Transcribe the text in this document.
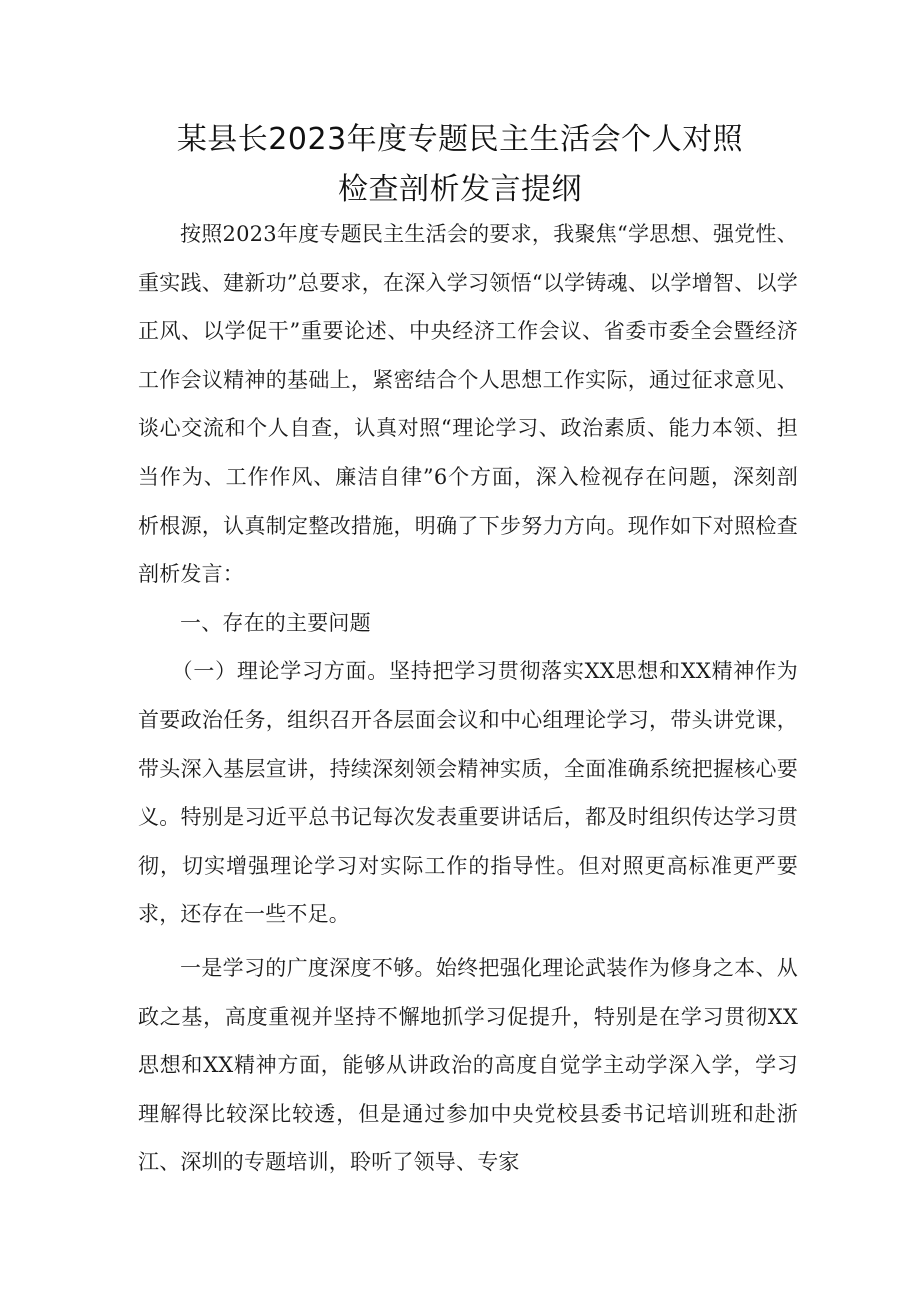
某县长2023年度专题民主生活会个人对照
检查剖析发言提纲

按照2023年度专题民主生活会的要求，我聚焦“学思想、强党性、重实践、建新功”总要求，在深入学习领悟“以学铸魂、以学增智、以学正风、以学促干”重要论述、中央经济工作会议、省委市委全会暨经济工作会议精神的基础上，紧密结合个人思想工作实际，通过征求意见、谈心交流和个人自查，认真对照“理论学习、政治素质、能力本领、担当作为、工作作风、廉洁自律”6个方面，深入检视存在问题，深刻剖析根源，认真制定整改措施，明确了下步努力方向。现作如下对照检查剖析发言：

一、存在的主要问题

（一）理论学习方面。坚持把学习贯彻落实XX思想和XX精神作为首要政治任务，组织召开各层面会议和中心组理论学习，带头讲党课，带头深入基层宣讲，持续深刻领会精神实质，全面准确系统把握核心要义。特别是习近平总书记每次发表重要讲话后，都及时组织传达学习贯彻，切实增强理论学习对实际工作的指导性。但对照更高标准更严要求，还存在一些不足。

一是学习的广度深度不够。始终把强化理论武装作为修身之本、从政之基，高度重视并坚持不懈地抓学习促提升，特别是在学习贯彻XX思想和XX精神方面，能够从讲政治的高度自觉学主动学深入学，学习理解得比较深比较透，但是通过参加中央党校县委书记培训班和赴浙江、深圳的专题培训，聆听了领导、专家
